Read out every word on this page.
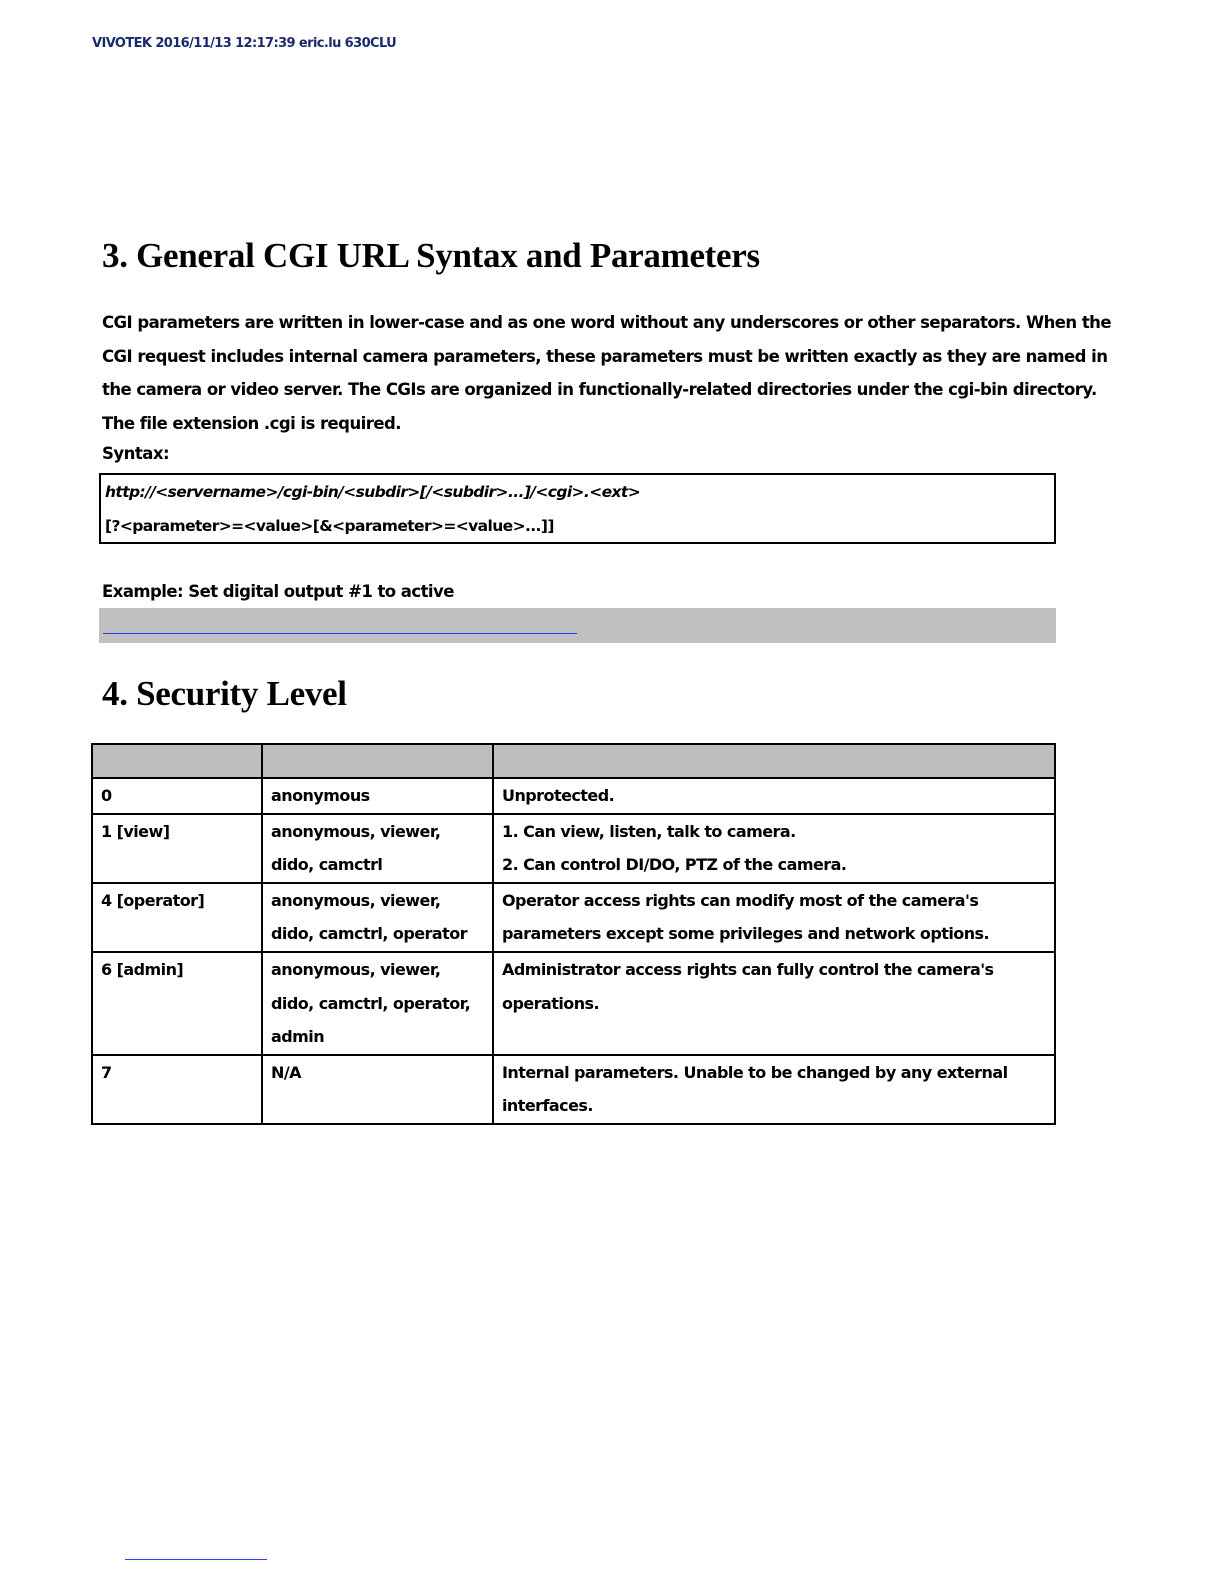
VIVOTEK 2016/11/13 12:17:39 eric.lu 630CLU
3. General CGI URL Syntax and Parameters
CGI parameters are written in lower-case and as one word without any underscores or other separators. When the
CGI request includes internal camera parameters, these parameters must be written exactly as they are named in
the camera or video server. The CGIs are organized in functionally-related directories under the cgi-bin directory.
The file extension .cgi is required.
Syntax:
http://<servername>/cgi-bin/<subdir>[/<subdir>...]/<cgi>.<ext>
[?<parameter>=<value>[&<parameter>=<value>...]]
Example: Set digital output #1 to active
4. Security Level

0	anonymous	Unprotected.

1 [view]	anonymous, viewer,
dido, camctrl	1. Can view, listen, talk to camera.
2. Can control DI/DO, PTZ of the camera.

4 [operator]	anonymous, viewer,
dido, camctrl, operator	Operator access rights can modify most of the camera's
parameters except some privileges and network options.

6 [admin]	anonymous, viewer,
dido, camctrl, operator,
admin	Administrator access rights can fully control the camera's
operations.

7	N/A	Internal parameters. Unable to be changed by any external
interfaces.
